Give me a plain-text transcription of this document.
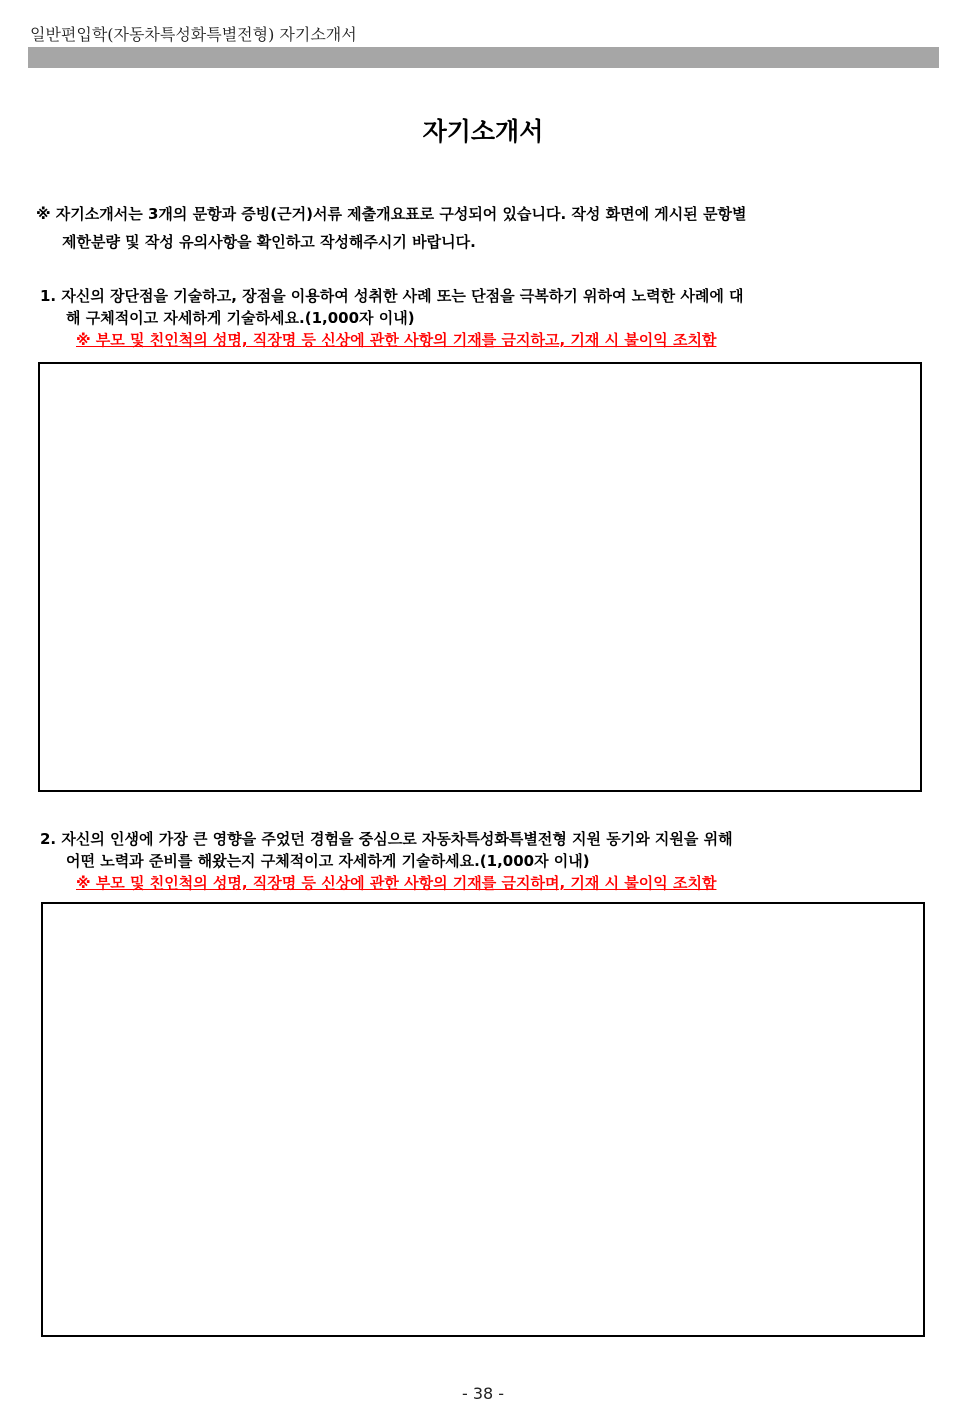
일반편입학(자동차특성화특별전형) 자기소개서
자기소개서
※ 자기소개서는 3개의 문항과 증빙(근거)서류 제출개요표로 구성되어 있습니다. 작성 화면에 게시된 문항별
제한분량 및 작성 유의사항을 확인하고 작성해주시기 바랍니다.
1. 자신의 장단점을 기술하고, 장점을 이용하여 성취한 사례 또는 단점을 극복하기 위하여 노력한 사례에 대
해 구체적이고 자세하게 기술하세요.(1,000자 이내)
※ 부모 및 친인척의 성명, 직장명 등 신상에 관한 사항의 기재를 금지하고, 기재 시 불이익 조치함
2. 자신의 인생에 가장 큰 영향을 주었던 경험을 중심으로 자동차특성화특별전형 지원 동기와 지원을 위해
어떤 노력과 준비를 해왔는지 구체적이고 자세하게 기술하세요.(1,000자 이내)
※ 부모 및 친인척의 성명, 직장명 등 신상에 관한 사항의 기재를 금지하며, 기재 시 불이익 조치함
- 38 -
